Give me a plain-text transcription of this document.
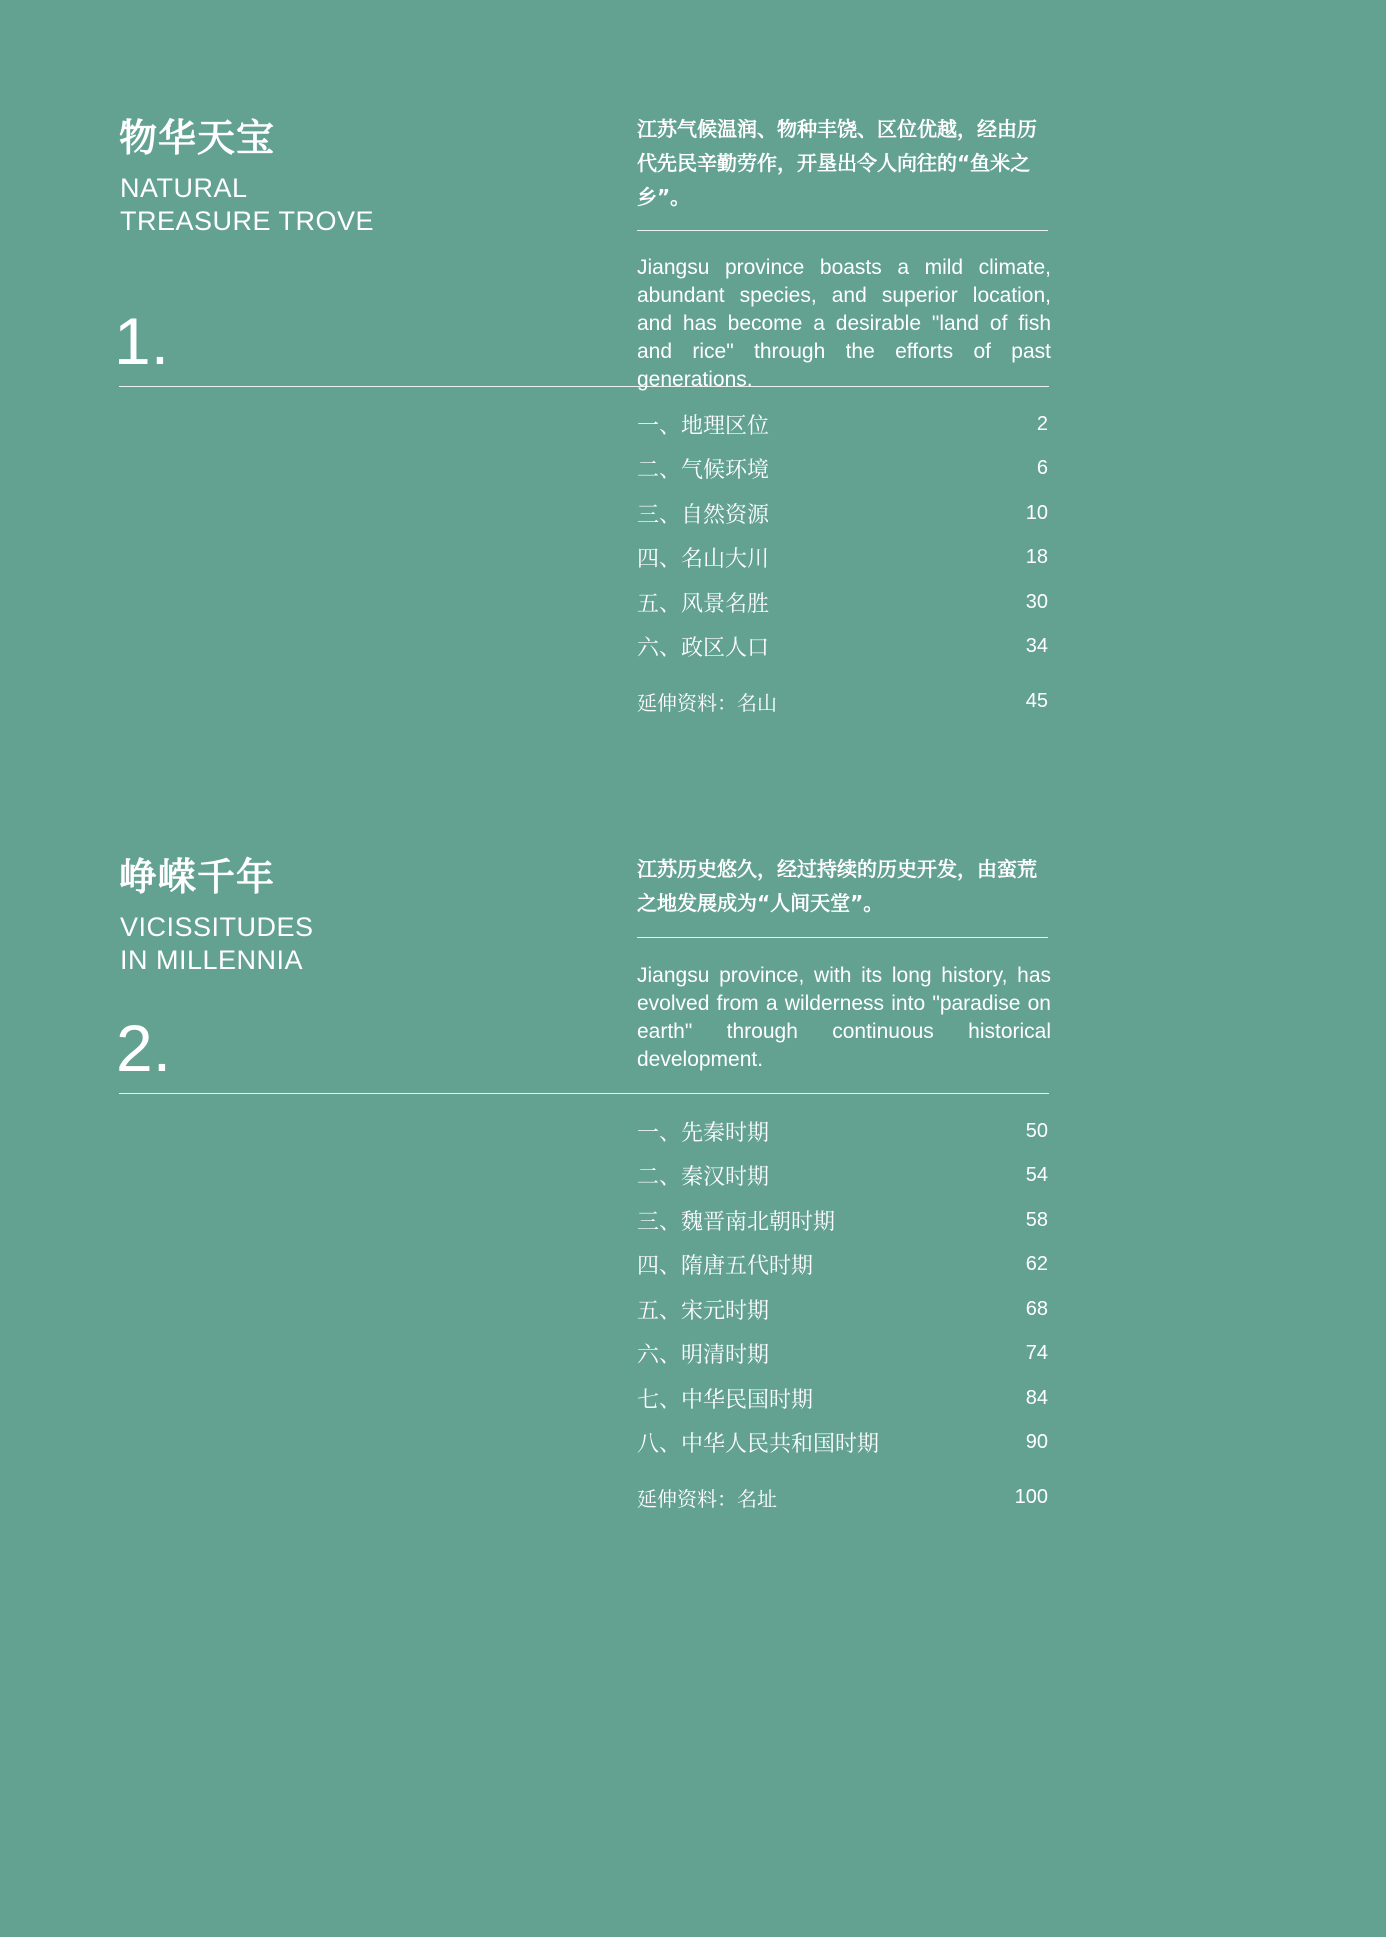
物华天宝
NATURAL
TREASURE TROVE
1.
江苏气候温润、物种丰饶、区位优越，经由历代先民辛勤劳作，开垦出令人向往的“鱼米之乡”。
Jiangsu province boasts a mild climate, abundant species, and superior location, and has become a desirable "land of fish and rice" through the efforts of past generations.
一、地理区位	2
二、气候环境	6
三、自然资源	10
四、名山大川	18
五、风景名胜	30
六、政区人口	34
延伸资料：名山	45
峥嵘千年
VICISSITUDES
IN MILLENNIA
2.
江苏历史悠久，经过持续的历史开发，由蛮荒之地发展成为“人间天堂”。
Jiangsu province, with its long history, has evolved from a wilderness into "paradise on earth" through continuous historical development.
一、先秦时期	50
二、秦汉时期	54
三、魏晋南北朝时期	58
四、隋唐五代时期	62
五、宋元时期	68
六、明清时期	74
七、中华民国时期	84
八、中华人民共和国时期	90
延伸资料：名址	100
